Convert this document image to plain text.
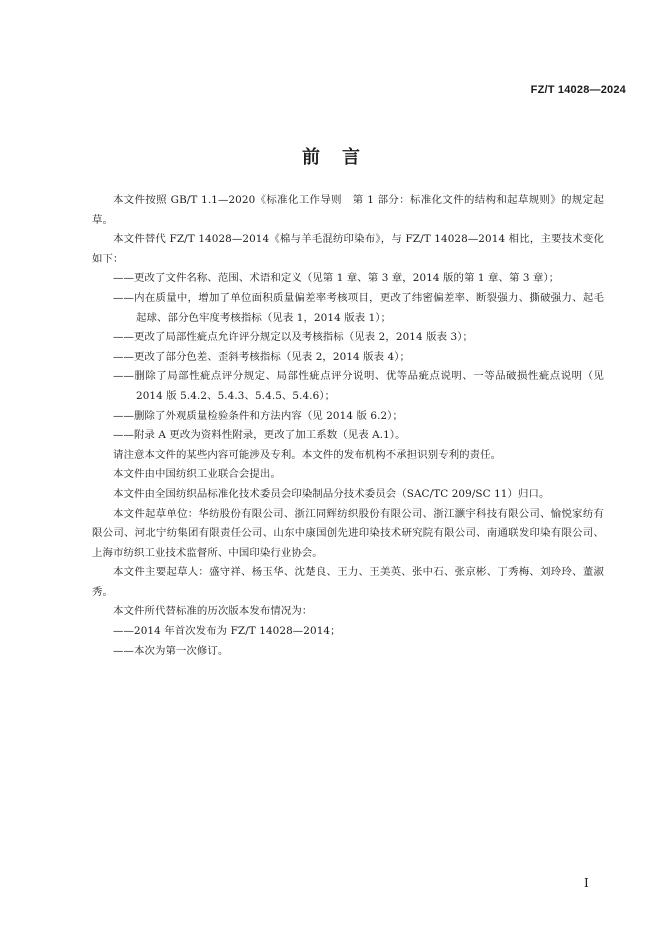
FZ/T 14028—2024
前言

本文件按照 GB/T 1.1—2020《标准化工作导则　第 1 部分：标准化文件的结构和起草规则》的规定起草。

本文件替代 FZ/T 14028—2014《棉与羊毛混纺印染布》，与 FZ/T 14028—2014 相比，主要技术变化如下：

——更改了文件名称、范围、术语和定义（见第 1 章、第 3 章，2014 版的第 1 章、第 3 章）；

——内在质量中，增加了单位面积质量偏差率考核项目，更改了纬密偏差率、断裂强力、撕破强力、起毛起球、部分色牢度考核指标（见表 1，2014 版表 1）；

——更改了局部性疵点允许评分规定以及考核指标（见表 2，2014 版表 3）；

——更改了部分色差、歪斜考核指标（见表 2，2014 版表 4）；

——删除了局部性疵点评分规定、局部性疵点评分说明、优等品疵点说明、一等品破损性疵点说明（见 2014 版 5.4.2、5.4.3、5.4.5、5.4.6）；

——删除了外观质量检验条件和方法内容（见 2014 版 6.2）；

——附录 A 更改为资料性附录，更改了加工系数（见表 A.1）。

请注意本文件的某些内容可能涉及专利。本文件的发布机构不承担识别专利的责任。

本文件由中国纺织工业联合会提出。

本文件由全国纺织品标准化技术委员会印染制品分技术委员会（SAC/TC 209/SC 11）归口。

本文件起草单位：华纺股份有限公司、浙江同辉纺织股份有限公司、浙江灏宇科技有限公司、愉悦家纺有限公司、河北宁纺集团有限责任公司、山东中康国创先进印染技术研究院有限公司、南通联发印染有限公司、上海市纺织工业技术监督所、中国印染行业协会。

本文件主要起草人：盛守祥、杨玉华、沈楚良、王力、王美英、张中石、张京彬、丁秀梅、刘玲玲、董淑秀。

本文件所代替标准的历次版本发布情况为：

——2014 年首次发布为 FZ/T 14028—2014；

——本次为第一次修订。

I
